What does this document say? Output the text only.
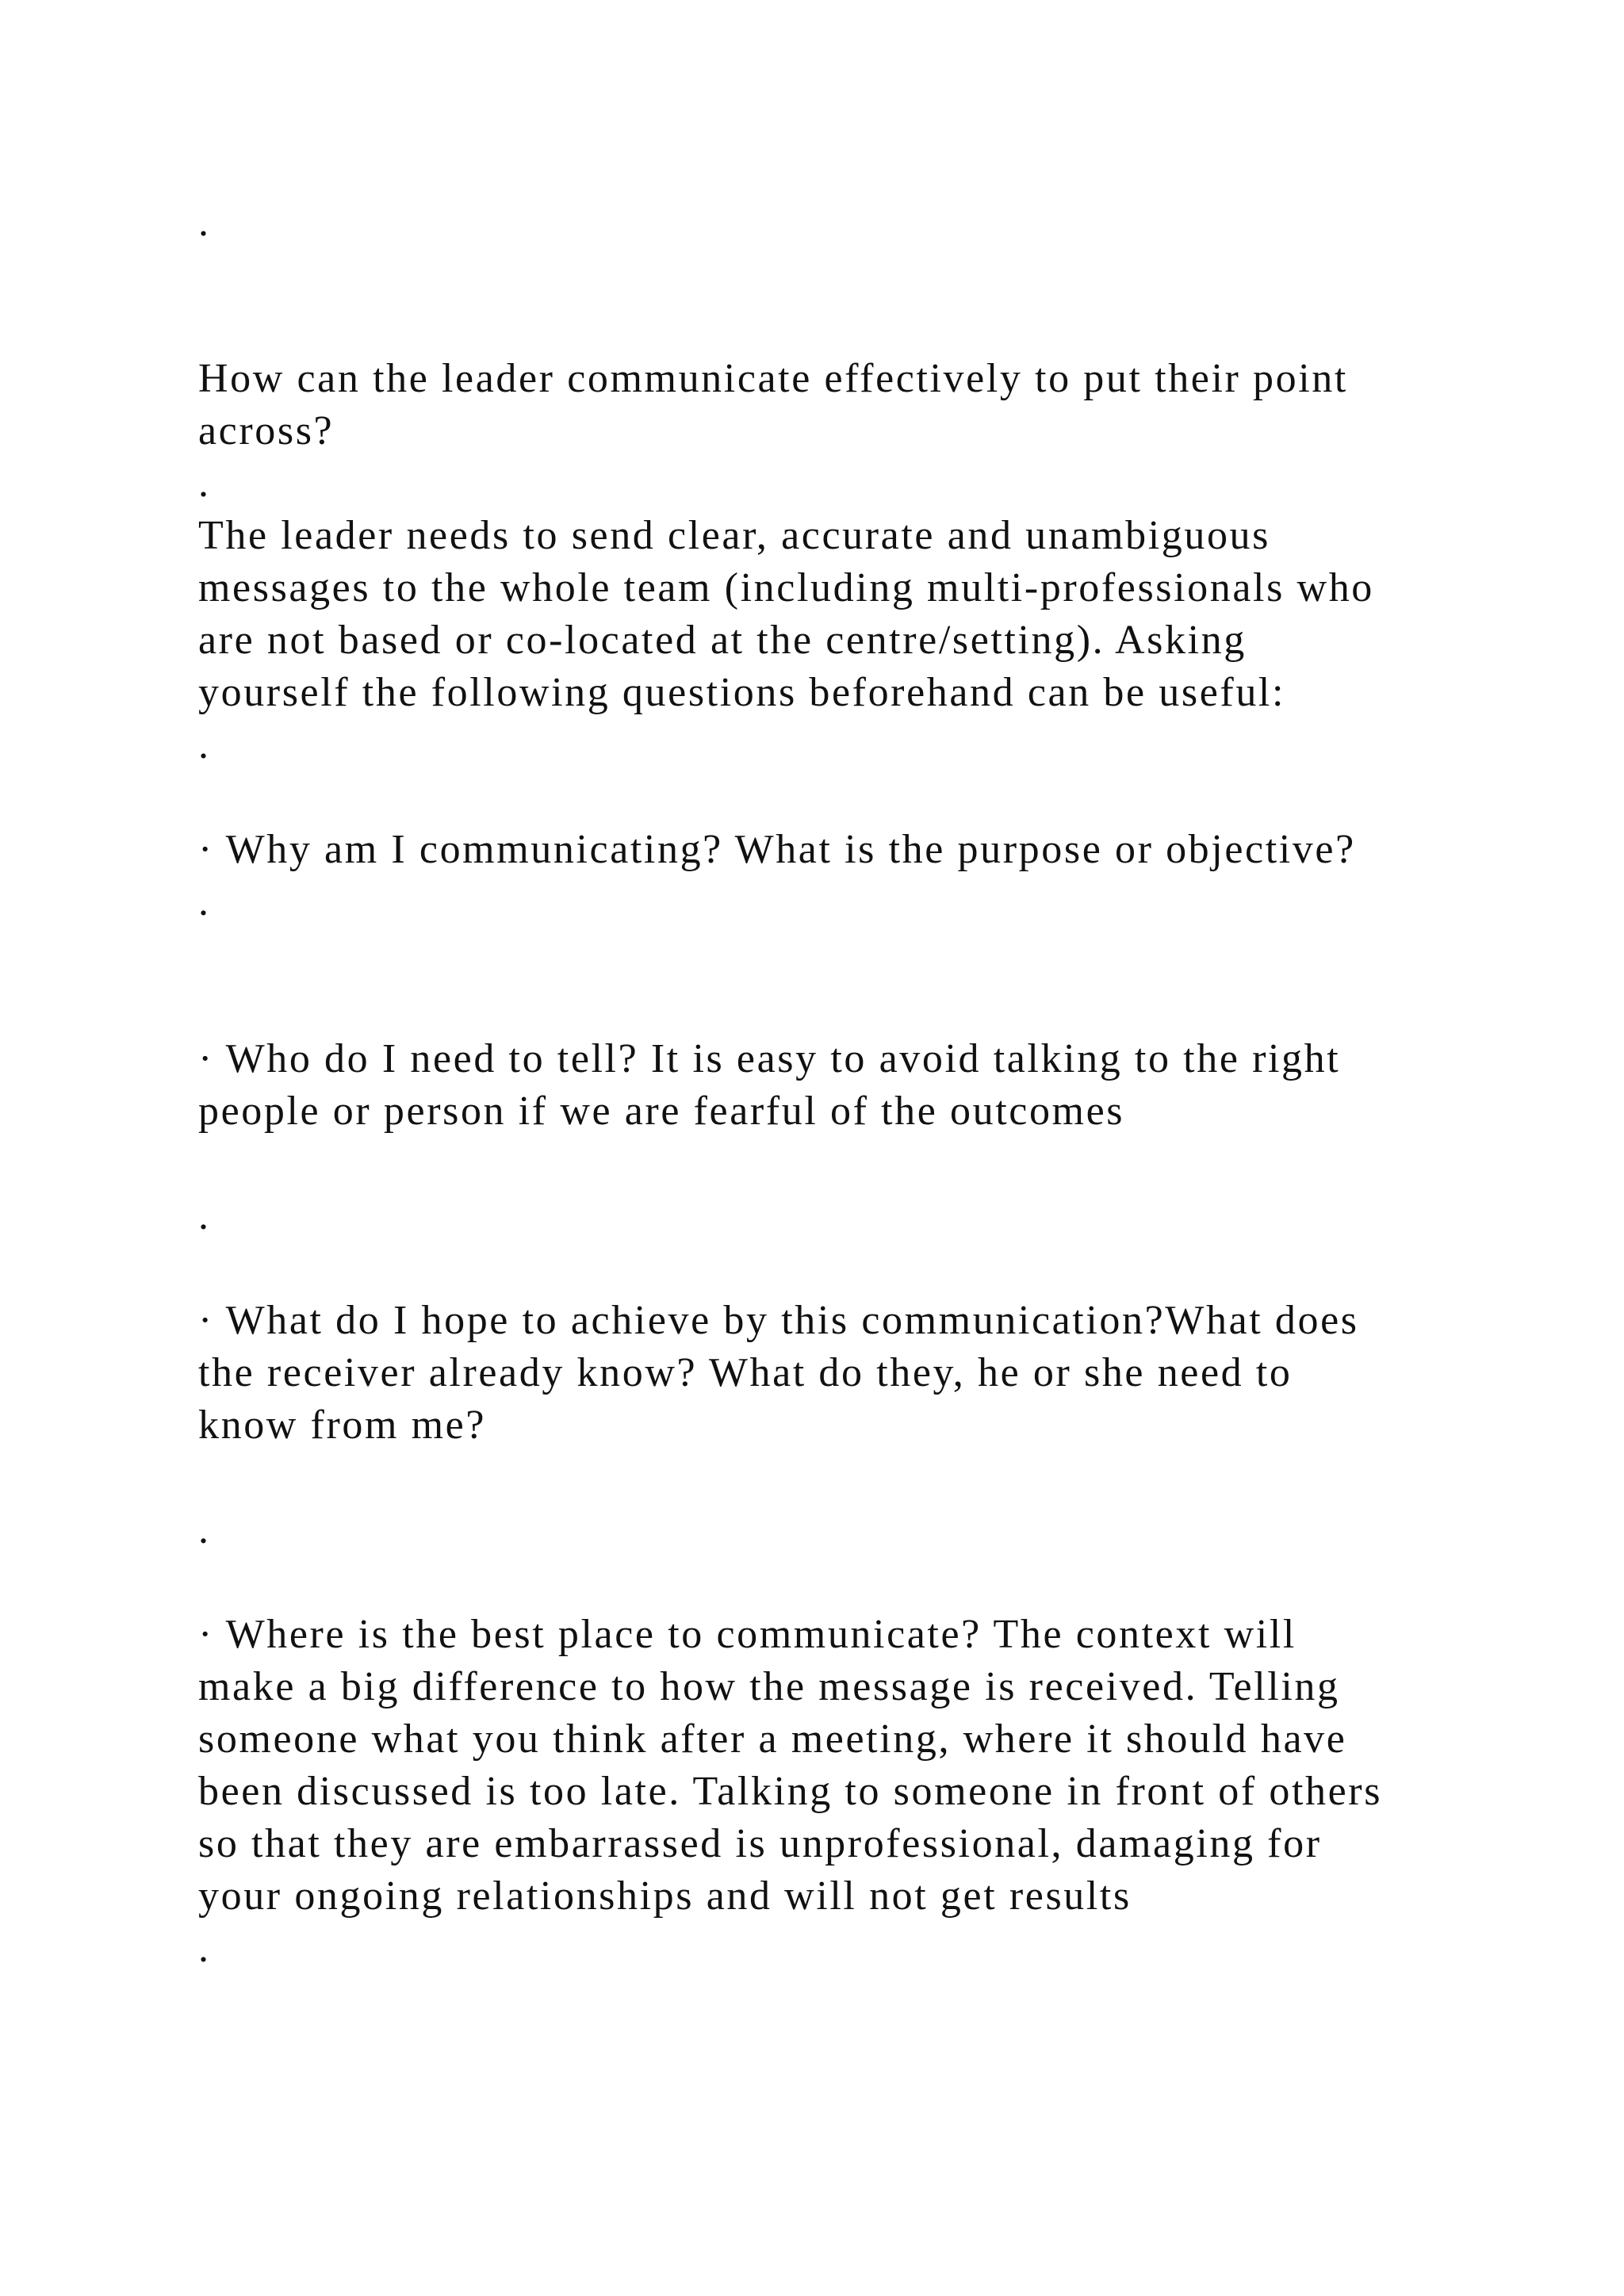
.

How can the leader communicate effectively to put their point

across?

.

The leader needs to send clear, accurate and unambiguous

messages to the whole team (including multi-professionals who

are not based or co-located at the centre/setting). Asking

yourself the following questions beforehand can be useful:

.

· Why am I communicating? What is the purpose or objective?

.

· Who do I need to tell? It is easy to avoid talking to the right

people or person if we are fearful of the outcomes

.

· What do I hope to achieve by this communication?What does

the receiver already know? What do they, he or she need to

know from me?

.

· Where is the best place to communicate? The context will

make a big difference to how the message is received. Telling

someone what you think after a meeting, where it should have

been discussed is too late. Talking to someone in front of others

so that they are embarrassed is unprofessional, damaging for

your ongoing relationships and will not get results

.
